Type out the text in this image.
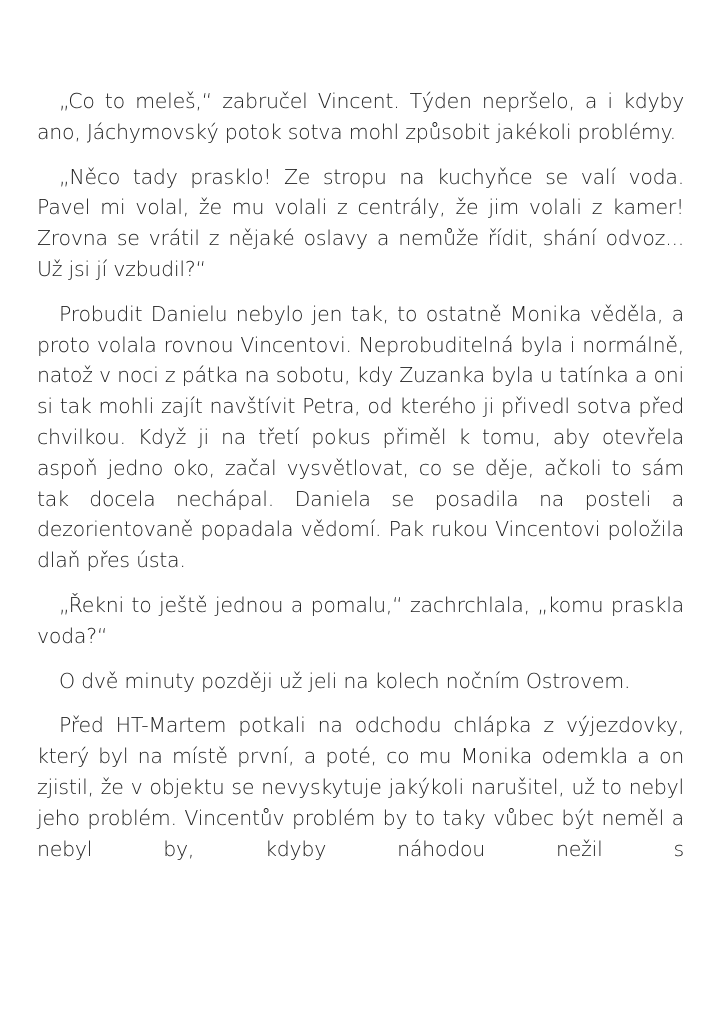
„Co to meleš,“ zabručel Vincent. Týden nepršelo, a i kdyby ano, Jáchymovský potok sotva mohl způsobit jakékoli problémy.

„Něco tady prasklo! Ze stropu na kuchyňce se valí voda. Pavel mi volal, že mu volali z centrály, že jim volali z kamer! Zrovna se vrátil z nějaké oslavy a nemůže řídit, shání odvoz... Už jsi jí vzbudil?“

Probudit Danielu nebylo jen tak, to ostatně Monika věděla, a proto volala rovnou Vincentovi. Neprobuditelná byla i normálně, natož v noci z pátka na sobotu, kdy Zuzanka byla u tatínka a oni si tak mohli zajít navštívit Petra, od kterého ji přivedl sotva před chvilkou. Když ji na třetí pokus přiměl k tomu, aby otevřela aspoň jedno oko, začal vysvětlovat, co se děje, ačkoli to sám tak docela nechápal. Daniela se posadila na posteli a dezorientovaně popadala vědomí. Pak rukou Vincentovi položila dlaň přes ústa.

„Řekni to ještě jednou a pomalu,“ zachrchlala, „komu praskla voda?“

O dvě minuty později už jeli na kolech nočním Ostrovem.

Před HT-Martem potkali na odchodu chlápka z výjezdovky, který byl na místě první, a poté, co mu Monika odemkla a on zjistil, že v objektu se nevyskytuje jakýkoli narušitel, už to nebyl jeho problém. Vincentův problém by to taky vůbec být neměl a nebyl by, kdyby náhodou nežil s
